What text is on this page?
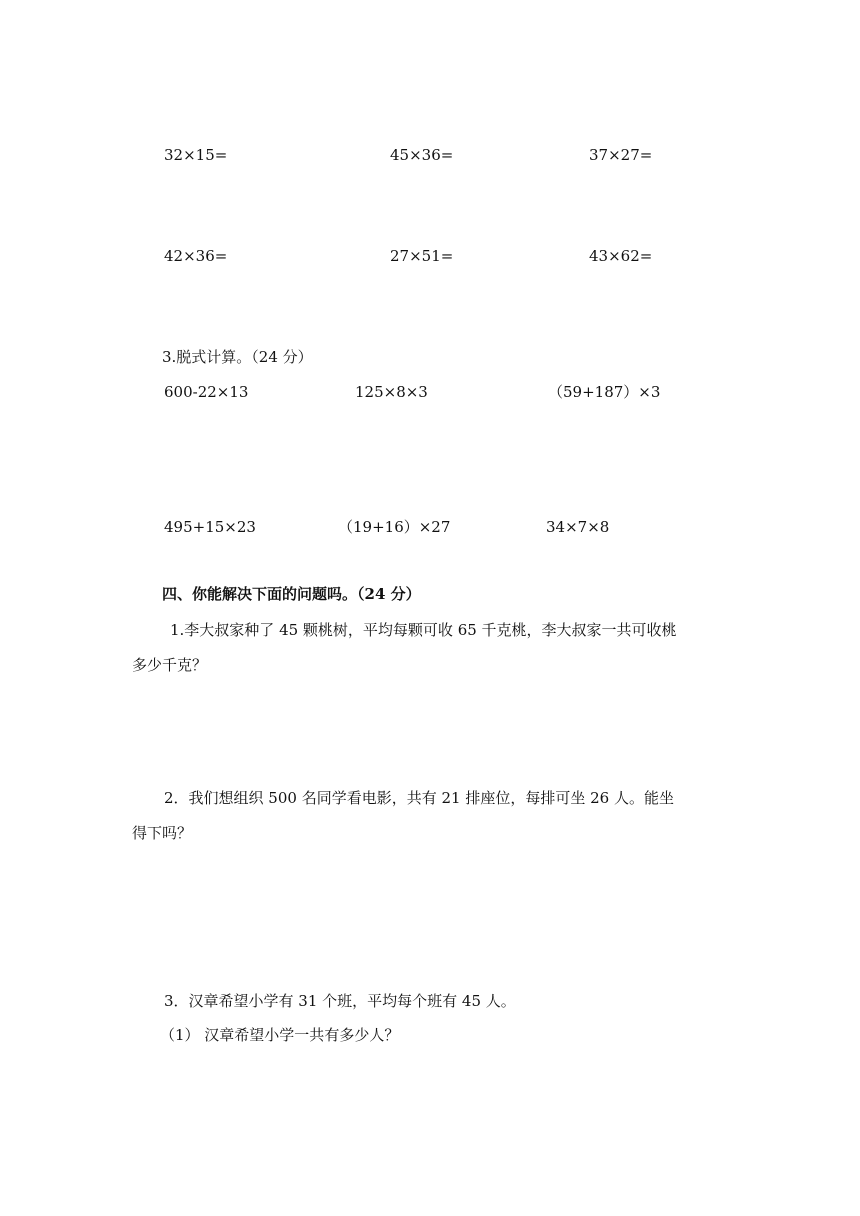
32×15=	45×36=	37×27=
42×36=	27×51=	43×62=
3.脱式计算。（24 分）
600-22×13	125×8×3	（59+187）×3
495+15×23	（19+16）×27	34×7×8
四、你能解决下面的问题吗。（24 分）
1.李大叔家种了 45 颗桃树，平均每颗可收 65 千克桃，李大叔家一共可收桃
多少千克？
2．我们想组织 500 名同学看电影，共有 21 排座位，每排可坐 26 人。能坐
得下吗？
3．汉章希望小学有 31 个班，平均每个班有 45 人。
（1） 汉章希望小学一共有多少人？
